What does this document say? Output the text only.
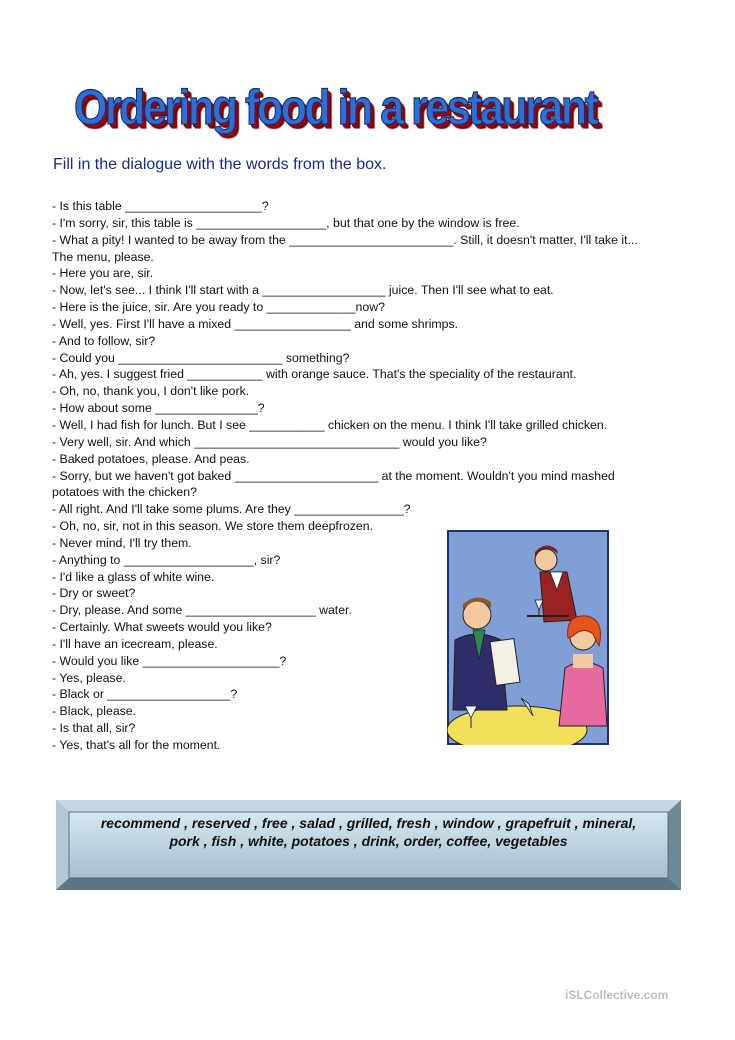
Ordering food in a restaurant
Fill in the dialogue with the words from the box.
- Is this table ____________________?
- I'm sorry, sir, this table is ___________________, but that one by the window is free.
- What a pity! I wanted to be away from the ________________________. Still, it doesn't matter, I'll take it... The menu, please.
- Here you are, sir.
- Now, let's see... I think I'll start with a __________________ juice. Then I'll see what to eat.
- Here is the juice, sir. Are you ready to _____________now?
- Well, yes. First I'll have a mixed _________________ and some shrimps.
- And to follow, sir?
- Could you ________________________ something?
- Ah, yes. I suggest fried ___________ with orange sauce. That's the speciality of the restaurant.
- Oh, no, thank you, I don't like pork.
- How about some _______________?
- Well, I had fish for lunch. But I see ___________ chicken on the menu. I think I'll take grilled chicken.
- Very well, sir. And which ______________________________ would you like?
- Baked potatoes, please. And peas.
- Sorry, but we haven't got baked _____________________ at the moment. Wouldn't you mind mashed potatoes with the chicken?
- All right. And I'll take some plums. Are they ________________?
- Oh, no, sir, not in this season. We store them deepfrozen.
- Never mind, I'll try them.
- Anything to ___________________, sir?
- I'd like a glass of white wine.
- Dry or sweet?
- Dry, please. And some ___________________ water.
- Certainly. What sweets would you like?
- I'll have an icecream, please.
- Would you like ____________________?
- Yes, please.
- Black or __________________?
- Black, please.
- Is that all, sir?
- Yes, that's all for the moment.
recommend , reserved , free , salad , grilled, fresh , window , grapefruit , mineral,
pork , fish , white, potatoes , drink, order, coffee, vegetables
iSLCollective.com
